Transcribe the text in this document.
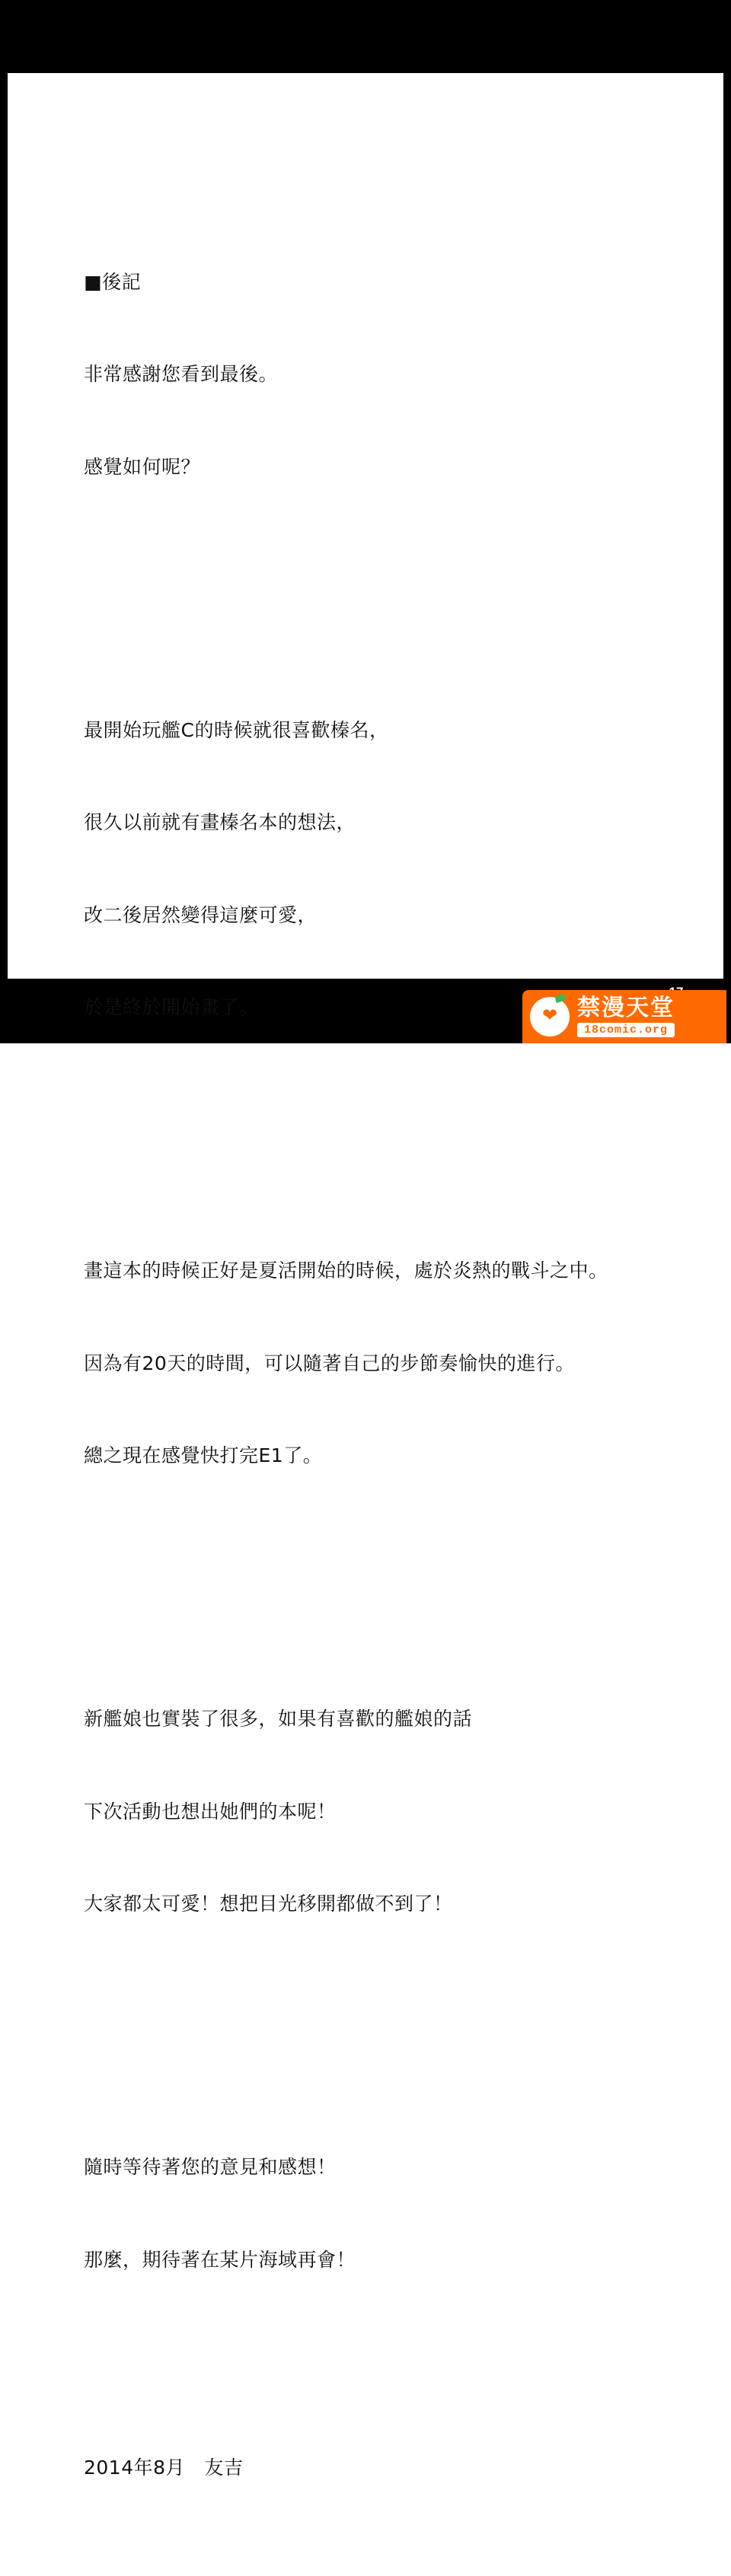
■後記

非常感謝您看到最後。

感覺如何呢？

最開始玩艦C的時候就很喜歡榛名，

很久以前就有畫榛名本的想法，

改二後居然變得這麼可愛，

於是終於開始畫了。

畫這本的時候正好是夏活開始的時候，處於炎熱的戰斗之中。

因為有20天的時間，可以隨著自己的步節奏愉快的進行。

總之現在感覺快打完E1了。

新艦娘也實裝了很多，如果有喜歡的艦娘的話

下次活動也想出她們的本呢！

大家都太可愛！想把目光移開都做不到了！

隨時等待著您的意見和感想！

那麼，期待著在某片海域再會！

2014年8月　友吉

❤ 禁漫天堂
18comic.org
